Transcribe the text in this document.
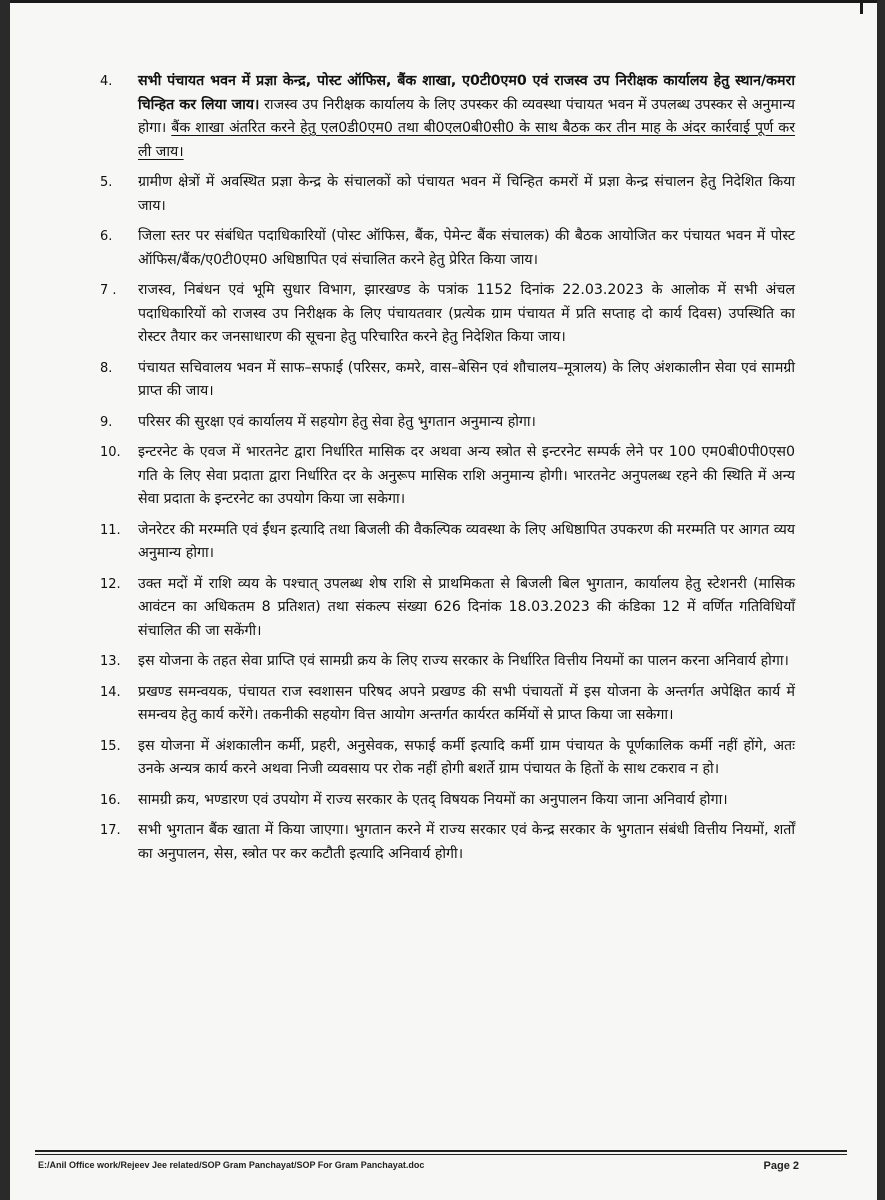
4. सभी पंचायत भवन में प्रज्ञा केन्द्र, पोस्ट ऑफिस, बैंक शाखा, ए0टी0एम0 एवं राजस्व उप निरीक्षक कार्यालय हेतु स्थान/कमरा चिन्हित कर लिया जाय। राजस्व उप निरीक्षक कार्यालय के लिए उपस्कर की व्यवस्था पंचायत भवन में उपलब्ध उपस्कर से अनुमान्य होगा। बैंक शाखा अंतरित करने हेतु एल0डी0एम0 तथा बी0एल0बी0सी0 के साथ बैठक कर तीन माह के अंदर कार्रवाई पूर्ण कर ली जाय।
5. ग्रामीण क्षेत्रों में अवस्थित प्रज्ञा केन्द्र के संचालकों को पंचायत भवन में चिन्हित कमरों में प्रज्ञा केन्द्र संचालन हेतु निदेशित किया जाय।
6. जिला स्तर पर संबंधित पदाधिकारियों (पोस्ट ऑफिस, बैंक, पेमेन्ट बैंक संचालक) की बैठक आयोजित कर पंचायत भवन में पोस्ट ऑफिस/बैंक/ए0टी0एम0 अधिष्ठापित एवं संचालित करने हेतु प्रेरित किया जाय।
7 . राजस्व, निबंधन एवं भूमि सुधार विभाग, झारखण्ड के पत्रांक 1152 दिनांक 22.03.2023 के आलोक में सभी अंचल पदाधिकारियों को राजस्व उप निरीक्षक के लिए पंचायतवार (प्रत्येक ग्राम पंचायत में प्रति सप्ताह दो कार्य दिवस) उपस्थिति का रोस्टर तैयार कर जनसाधारण की सूचना हेतु परिचारित करने हेतु निदेशित किया जाय।
8. पंचायत सचिवालय भवन में साफ–सफाई (परिसर, कमरे, वास–बेसिन एवं शौचालय–मूत्रालय) के लिए अंशकालीन सेवा एवं सामग्री प्राप्त की जाय।
9. परिसर की सुरक्षा एवं कार्यालय में सहयोग हेतु सेवा हेतु भुगतान अनुमान्य होगा।
10. इन्टरनेट के एवज में भारतनेट द्वारा निर्धारित मासिक दर अथवा अन्य स्त्रोत से इन्टरनेट सम्पर्क लेने पर 100 एम0बी0पी0एस0 गति के लिए सेवा प्रदाता द्वारा निर्धारित दर के अनुरूप मासिक राशि अनुमान्य होगी। भारतनेट अनुपलब्ध रहने की स्थिति में अन्य सेवा प्रदाता के इन्टरनेट का उपयोग किया जा सकेगा।
11. जेनरेटर की मरम्मति एवं ईंधन इत्यादि तथा बिजली की वैकल्पिक व्यवस्था के लिए अधिष्ठापित उपकरण की मरम्मति पर आगत व्यय अनुमान्य होगा।
12. उक्त मदों में राशि व्यय के पश्चात् उपलब्ध शेष राशि से प्राथमिकता से बिजली बिल भुगतान, कार्यालय हेतु स्टेशनरी (मासिक आवंटन का अधिकतम 8 प्रतिशत) तथा संकल्प संख्या 626 दिनांक 18.03.2023 की कंडिका 12 में वर्णित गतिविधियाँ संचालित की जा सकेंगी।
13. इस योजना के तहत सेवा प्राप्ति एवं सामग्री क्रय के लिए राज्य सरकार के निर्धारित वित्तीय नियमों का पालन करना अनिवार्य होगा।
14. प्रखण्ड समन्वयक, पंचायत राज स्वशासन परिषद अपने प्रखण्ड की सभी पंचायतों में इस योजना के अन्तर्गत अपेक्षित कार्य में समन्वय हेतु कार्य करेंगे। तकनीकी सहयोग वित्त आयोग अन्तर्गत कार्यरत कर्मियों से प्राप्त किया जा सकेगा।
15. इस योजना में अंशकालीन कर्मी, प्रहरी, अनुसेवक, सफाई कर्मी इत्यादि कर्मी ग्राम पंचायत के पूर्णकालिक कर्मी नहीं होंगे, अतः उनके अन्यत्र कार्य करने अथवा निजी व्यवसाय पर रोक नहीं होगी बशर्ते ग्राम पंचायत के हितों के साथ टकराव न हो।
16. सामग्री क्रय, भण्डारण एवं उपयोग में राज्य सरकार के एतद् विषयक नियमों का अनुपालन किया जाना अनिवार्य होगा।
17. सभी भुगतान बैंक खाता में किया जाएगा। भुगतान करने में राज्य सरकार एवं केन्द्र सरकार के भुगतान संबंधी वित्तीय नियमों, शर्तों का अनुपालन, सेस, स्त्रोत पर कर कटौती इत्यादि अनिवार्य होगी।
E:/Anil Office work/Rejeev Jee related/SOP Gram Panchayat/SOP For Gram Panchayat.doc	Page 2
